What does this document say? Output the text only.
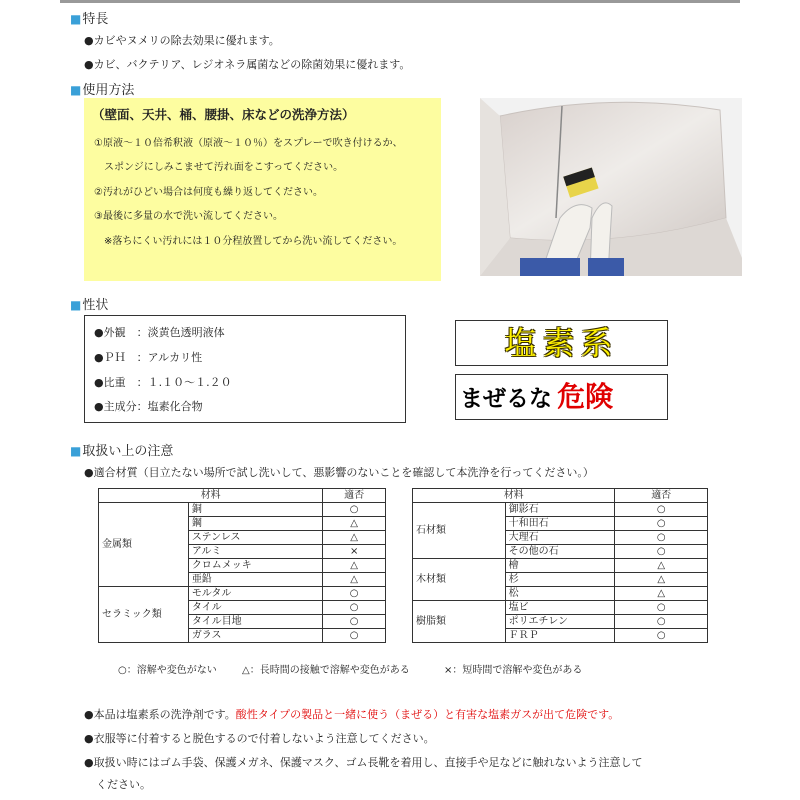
■特長
●カビやヌメリの除去効果に優れます。
●カビ、バクテリア、レジオネラ属菌などの除菌効果に優れます。
■使用方法
（壁面、天井、桶、腰掛、床などの洗浄方法）
①原液～１０倍希釈液（原液～１０％）をスプレーで吹き付けるか、
スポンジにしみこませて汚れ面をこすってください。
②汚れがひどい場合は何度も繰り返してください。
③最後に多量の水で洗い流してください。
※落ちにくい汚れには１０分程放置してから洗い流してください。
■性状
●外観　：淡黄色透明液体
●ＰＨ　：アルカリ性
●比重　：１.１０～１.２０
●主成分：塩素化合物
塩素系
まぜるな 危険
■取扱い上の注意
●適合材質（目立たない場所で試し洗いして、悪影響のないことを確認して本洗浄を行ってください。）
材料		適否
金属類	銅	○
	鋼	△
	ステンレス	△
	アルミ	×
	クロムメッキ	△
	亜鉛	△
セラミック類	モルタル	○
	タイル	○
	タイル目地	○
	ガラス	○
材料		適否
石材類	御影石	○
	十和田石	○
	大理石	○
	その他の石	○
木材類	檜	△
	杉	△
	松	△
樹脂類	塩ビ	○
	ポリエチレン	○
	ＦＲＰ	○
○：溶解や変色がない	△：長時間の接触で溶解や変色がある	×：短時間で溶解や変色がある
●本品は塩素系の洗浄剤です。酸性タイプの製品と一緒に使う（まぜる）と有害な塩素ガスが出て危険です。
●衣服等に付着すると脱色するので付着しないよう注意してください。
●取扱い時にはゴム手袋、保護メガネ、保護マスク、ゴム長靴を着用し、直接手や足などに触れないよう注意して
ください。
